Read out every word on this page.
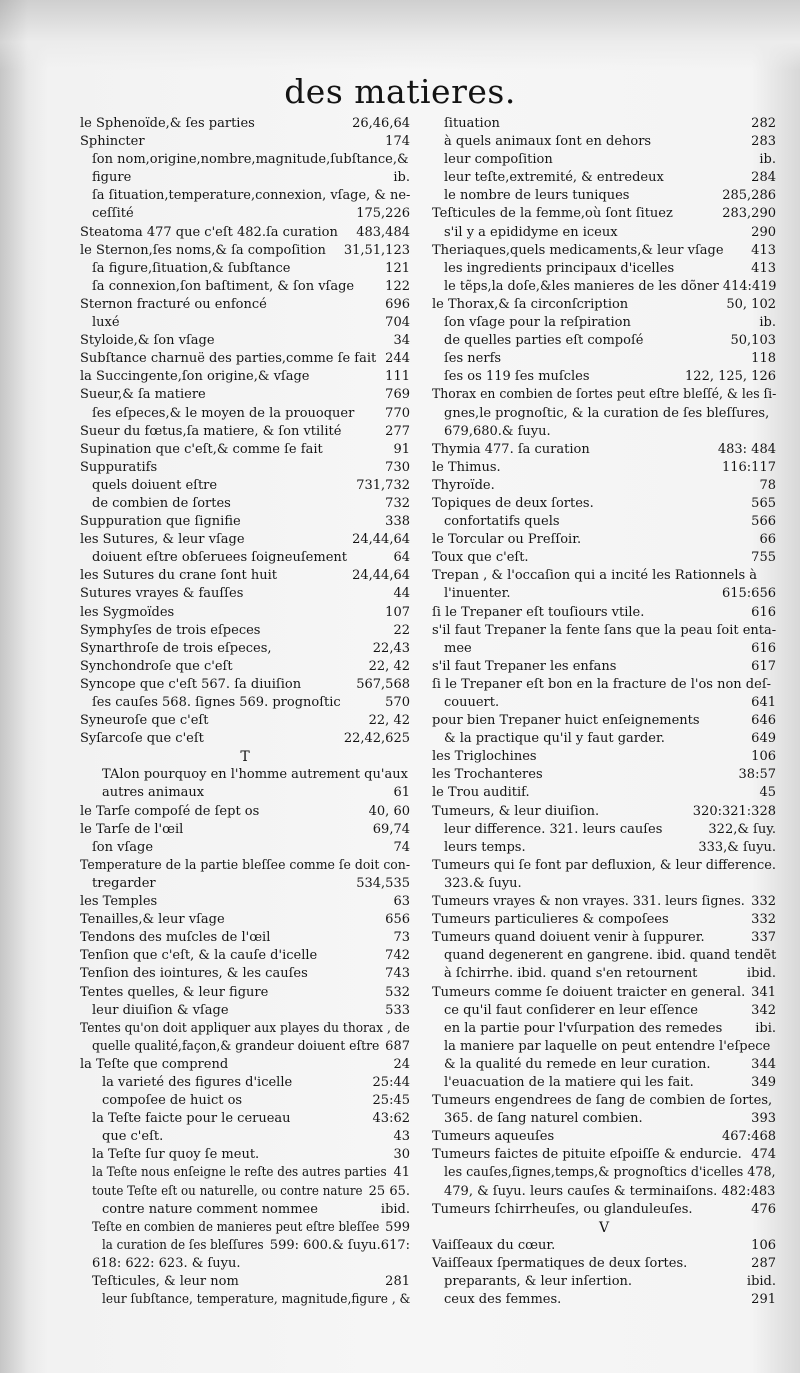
des matieres.
le Sphenoïde,& ſes parties	26,46,64
Sphincter	174
ſon nom,origine,nombre,magnitude,ſubſtance,&
figure	ib.
ſa ſituation,temperature,connexion, vſage, & ne-
ceſſité	175,226
Steatoma 477 que c'eſt 482.ſa curation 483,484
le Sternon,ſes noms,& ſa compoſition 31,51,123
ſa figure,ſituation,& ſubſtance	121
ſa connexion,ſon baſtiment, & ſon vſage 122
Sternon fracturé ou enfoncé	696
luxé	704
Styloide,& ſon vſage	34
Subſtance charnuë des parties,comme ſe fait 244
la Succingente,ſon origine,& vſage	111
Sueur,& ſa matiere	769
ſes eſpeces,& le moyen de la prouoquer 770
Sueur du fœtus,ſa matiere, & ſon vtilité	277
Supination que c'eſt,& comme ſe fait	91
Suppuratifs	730
quels doiuent eſtre	731,732
de combien de ſortes	732
Suppuration que ſignifie	338
les Sutures, & leur vſage	24,44,64
doiuent eſtre obſeruees ſoigneuſement	64
les Sutures du crane ſont huit	24,44,64
Sutures vrayes & fauſſes	44
les Sygmoïdes	107
Symphyſes de trois eſpeces	22
Synarthroſe de trois eſpeces,	22,43
Synchondroſe que c'eſt	22, 42
Syncope que c'eſt 567. ſa diuiſion	567,568
ſes cauſes 568. ſignes 569. prognoſtic	570
Syneuroſe que c'eſt	22, 42
Syſarcoſe que c'eſt	22,42,625
T
TAlon pourquoy en l'homme autrement qu'aux
autres animaux	61
le Tarſe compoſé de ſept os	40, 60
le Tarſe de l'œil	69,74
ſon vſage	74
Temperature de la partie bleſſee comme ſe doit con-
tregarder	534,535
les Temples	63
Tenailles,& leur vſage	656
Tendons des muſcles de l'œil	73
Tenſion que c'eſt, & la cauſe d'icelle	742
Tenſion des iointures, & les cauſes	743
Tentes quelles, & leur figure	532
leur diuiſion & vſage	533
Tentes qu'on doit appliquer aux playes du thorax , de
quelle qualité,façon,& grandeur doiuent eſtre 687
la Teſte que comprend	24
la varieté des figures d'icelle	25:44
compoſee de huict os	25:45
la Teſte faicte pour le cerueau	43:62
que c'eſt.	43
la Teſte ſur quoy ſe meut.	30
la Teſte nous enſeigne le reſte des autres parties 41
toute Teſte eſt ou naturelle, ou contre nature 25 65.
contre nature comment nommee	ibid.
Teſte en combien de manieres peut eſtre bleſſee 599
la curation de ſes bleſſures 599: 600.& ſuyu.617:
618: 622: 623. & ſuyu.
Teſticules, & leur nom	281
leur ſubſtance, temperature, magnitude,figure , &
ſituation	282
à quels animaux ſont en dehors	283
leur compoſition	ib.
leur teſte,extremité, & entredeux	284
le nombre de leurs tuniques	285,286
Teſticules de la femme,où ſont ſituez	283,290
s'il y a epididyme en iceux	290
Theriaques,quels medicaments,& leur vſage 413
les ingredients principaux d'icelles	413
le tẽps,la doſe,&les manieres de les dõner 414:419
le Thorax,& ſa circonſcription	50, 102
ſon vſage pour la reſpiration	ib.
de quelles parties eſt compoſé	50,103
ſes nerfs	118
ſes os 119 ſes muſcles	122, 125, 126
Thorax en combien de ſortes peut eſtre bleſſé, & les ſi-
gnes,le prognoſtic, & la curation de ſes bleſſures,
679,680.& ſuyu.
Thymia 477. ſa curation	483: 484
le Thimus.	116:117
Thyroïde.	78
Topiques de deux ſortes.	565
confortatifs quels	566
le Torcular ou Preſſoir.	66
Toux que c'eſt.	755
Trepan , & l'occaſion qui a incité les Rationnels à
l'inuenter.	615:656
ſi le Trepaner eſt touſiours vtile.	616
s'il faut Trepaner la fente ſans que la peau ſoit enta-
mee	616
s'il faut Trepaner les enfans	617
ſi le Trepaner eſt bon en la fracture de l'os non deſ-
couuert.	641
pour bien Trepaner huict enſeignements	646
& la practique qu'il y faut garder.	649
les Triglochines	106
les Trochanteres	38:57
le Trou auditif.	45
Tumeurs, & leur diuiſion.	320:321:328
leur difference. 321. leurs cauſes	322,& ſuy.
leurs temps.	333,& ſuyu.
Tumeurs qui ſe font par defluxion, & leur difference.
323.& ſuyu.
Tumeurs vrayes & non vrayes. 331. leurs ſignes. 332
Tumeurs particulieres & compoſees	332
Tumeurs quand doiuent venir à ſuppurer.	337
quand degenerent en gangrene. ibid. quand tendẽt
à ſchirrhe. ibid. quand s'en retournent	ibid.
Tumeurs comme ſe doiuent traicter en general. 341
ce qu'il faut conſiderer en leur eſſence	342
en la partie pour l'vſurpation des remedes	ibi.
la maniere par laquelle on peut entendre l'eſpece
& la qualité du remede en leur curation.	344
l'euacuation de la matiere qui les fait.	349
Tumeurs engendrees de ſang de combien de ſortes,
365. de ſang naturel combien.	393
Tumeurs aqueuſes	467:468
Tumeurs faictes de pituite eſpoiſſe & endurcie. 474
les cauſes,ſignes,temps,& prognoſtics d'icelles 478,
479, & ſuyu. leurs cauſes & terminaiſons. 482:483
Tumeurs ſchirrheuſes, ou glanduleuſes.	476
V
Vaiſſeaux du cœur.	106
Vaiſſeaux ſpermatiques de deux ſortes.	287
preparants, & leur inſertion.	ibid.
ceux des femmes.	291
